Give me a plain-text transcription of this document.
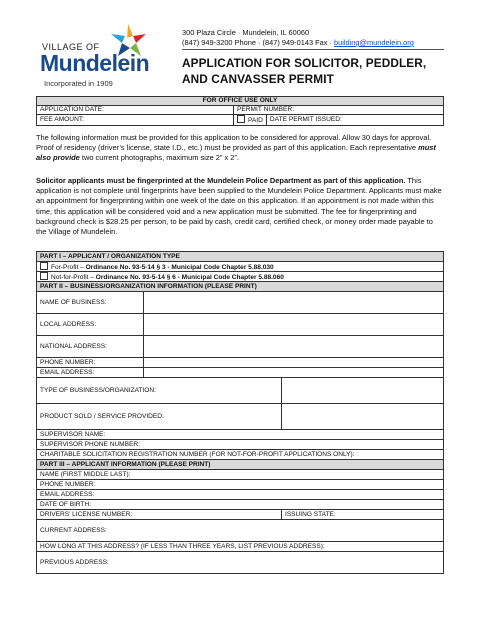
VILLAGE OF
Mundelein
Incorporated in 1909
300 Plaza Circle · Mundelein, IL 60060
(847) 949-3200 Phone · (847) 949-0143 Fax · building@mundelein.org
APPLICATION FOR SOLICITOR, PEDDLER, AND CANVASSER PERMIT
FOR OFFICE USE ONLY		
APPLICATION DATE:	PERMIT NUMBER:	
FEE AMOUNT:	PAID	DATE PERMIT ISSUED:
The following information must be provided for this application to be considered for approval. Allow 30 days for approval. Proof of residency (driver’s license, state I.D., etc.) must be provided as part of this application. Each representative must also provide two current photographs, maximum size 2” x 2”.
Solicitor applicants must be fingerprinted at the Mundelein Police Department as part of this application. This application is not complete until fingerprints have been supplied to the Mundelein Police Department. Applicants must make an appointment for fingerprinting within one week of the date on this application. If an appointment is not made within this time, this application will be considered void and a new application must be submitted. The fee for fingerprinting and background check is $28.25 per person, to be paid by cash, credit card, certified check, or money order made payable to the Village of Mundelein.
PART I – APPLICANT / ORGANIZATION TYPE		
For-Profit – Ordinance No. 93-5-14 § 3 - Municipal Code Chapter 5.88.030		
Not-for-Profit – Ordinance No. 93-5-14 § 6 - Municipal Code Chapter 5.88.060		
PART II – BUSINESS/ORGANIZATION INFORMATION (PLEASE PRINT)		
NAME OF BUSINESS:		
LOCAL ADDRESS:		
NATIONAL ADDRESS:		
PHONE NUMBER:		
EMAIL ADDRESS:		
TYPE OF BUSINESS/ORGANIZATION:		
PRODUCT SOLD / SERVICE PROVIDED:		
SUPERVISOR NAME:		
SUPERVISOR PHONE NUMBER:		
CHARITABLE SOLICITATION REGISTRATION NUMBER (FOR NOT-FOR-PROFIT APPLICATIONS ONLY):		
PART III – APPLICANT INFORMATION (PLEASE PRINT)		
NAME (FIRST MIDDLE LAST):		
PHONE NUMBER:		
EMAIL ADDRESS:		
DATE OF BIRTH:		
DRIVERS’ LICENSE NUMBER:		ISSUING STATE:
CURRENT ADDRESS:		
HOW LONG AT THIS ADDRESS? (IF LESS THAN THREE YEARS, LIST PREVIOUS ADDRESS):		
PREVIOUS ADDRESS:		
